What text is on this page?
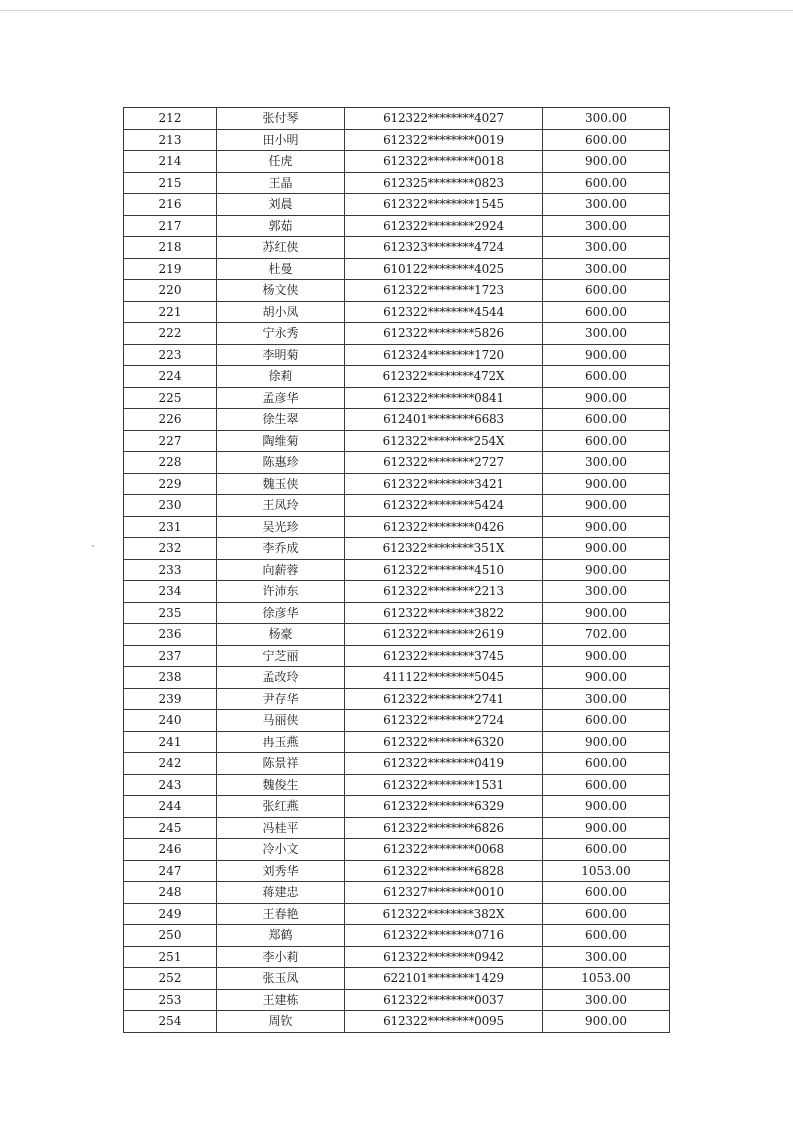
212	张付琴	612322********4027	300.00
213	田小明	612322********0019	600.00
214	任虎	612322********0018	900.00
215	王晶	612325********0823	600.00
216	刘晨	612322********1545	300.00
217	郭茹	612322********2924	300.00
218	苏红侠	612323********4724	300.00
219	杜曼	610122********4025	300.00
220	杨文侠	612322********1723	600.00
221	胡小凤	612322********4544	600.00
222	宁永秀	612322********5826	300.00
223	李明菊	612324********1720	900.00
224	徐莉	612322********472X	600.00
225	孟彦华	612322********0841	900.00
226	徐生翠	612401********6683	600.00
227	陶维菊	612322********254X	600.00
228	陈惠珍	612322********2727	300.00
229	魏玉侠	612322********3421	900.00
230	王凤玲	612322********5424	900.00
231	吴光珍	612322********0426	900.00
232	李乔成	612322********351X	900.00
233	向薪蓉	612322********4510	900.00
234	许沛东	612322********2213	300.00
235	徐彦华	612322********3822	900.00
236	杨豪	612322********2619	702.00
237	宁芝丽	612322********3745	900.00
238	孟改玲	411122********5045	900.00
239	尹存华	612322********2741	300.00
240	马丽侠	612322********2724	600.00
241	冉玉燕	612322********6320	900.00
242	陈景祥	612322********0419	600.00
243	魏俊生	612322********1531	600.00
244	张红燕	612322********6329	900.00
245	冯桂平	612322********6826	900.00
246	冷小文	612322********0068	600.00
247	刘秀华	612322********6828	1053.00
248	蒋建忠	612327********0010	600.00
249	王春艳	612322********382X	600.00
250	郑鹤	612322********0716	600.00
251	李小莉	612322********0942	300.00
252	张玉凤	622101********1429	1053.00
253	王建栋	612322********0037	300.00
254	周钦	612322********0095	900.00
